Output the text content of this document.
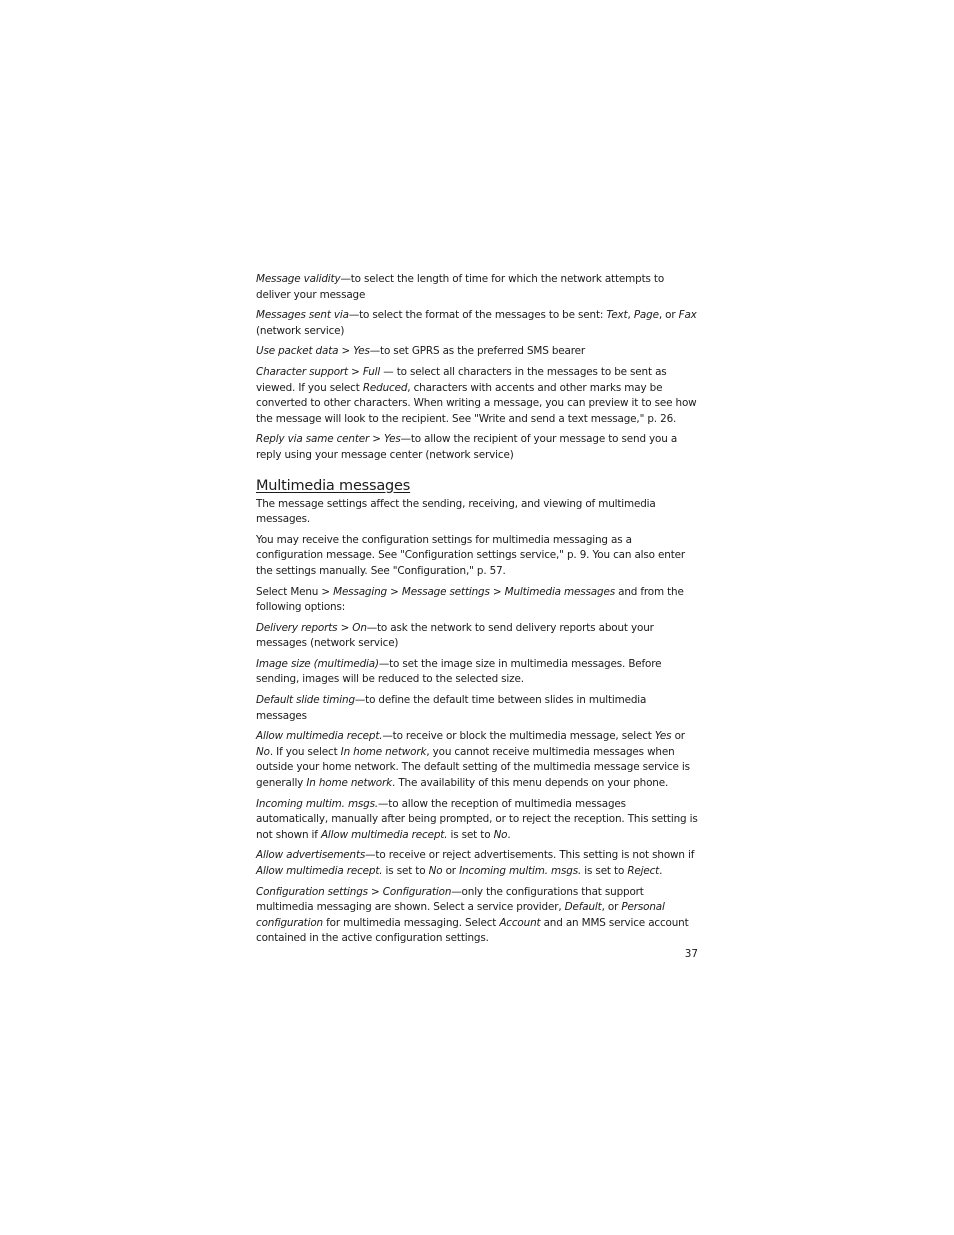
Message validity—to select the length of time for which the network attempts to deliver your message

Messages sent via—to select the format of the messages to be sent: Text, Page, or Fax (network service)

Use packet data > Yes—to set GPRS as the preferred SMS bearer

Character support > Full — to select all characters in the messages to be sent as viewed. If you select Reduced, characters with accents and other marks may be converted to other characters. When writing a message, you can preview it to see how the message will look to the recipient. See "Write and send a text message," p. 26.

Reply via same center > Yes—to allow the recipient of your message to send you a reply using your message center (network service)

Multimedia messages

The message settings affect the sending, receiving, and viewing of multimedia messages.

You may receive the configuration settings for multimedia messaging as a configuration message. See "Configuration settings service," p. 9. You can also enter the settings manually. See "Configuration," p. 57.

Select Menu > Messaging > Message settings > Multimedia messages and from the following options:

Delivery reports > On—to ask the network to send delivery reports about your messages (network service)

Image size (multimedia)—to set the image size in multimedia messages. Before sending, images will be reduced to the selected size.

Default slide timing—to define the default time between slides in multimedia messages

Allow multimedia recept.—to receive or block the multimedia message, select Yes or No. If you select In home network, you cannot receive multimedia messages when outside your home network. The default setting of the multimedia message service is generally In home network. The availability of this menu depends on your phone.

Incoming multim. msgs.—to allow the reception of multimedia messages automatically, manually after being prompted, or to reject the reception. This setting is not shown if Allow multimedia recept. is set to No.

Allow advertisements—to receive or reject advertisements. This setting is not shown if Allow multimedia recept. is set to No or Incoming multim. msgs. is set to Reject.

Configuration settings > Configuration—only the configurations that support multimedia messaging are shown. Select a service provider, Default, or Personal configuration for multimedia messaging. Select Account and an MMS service account contained in the active configuration settings.

37
